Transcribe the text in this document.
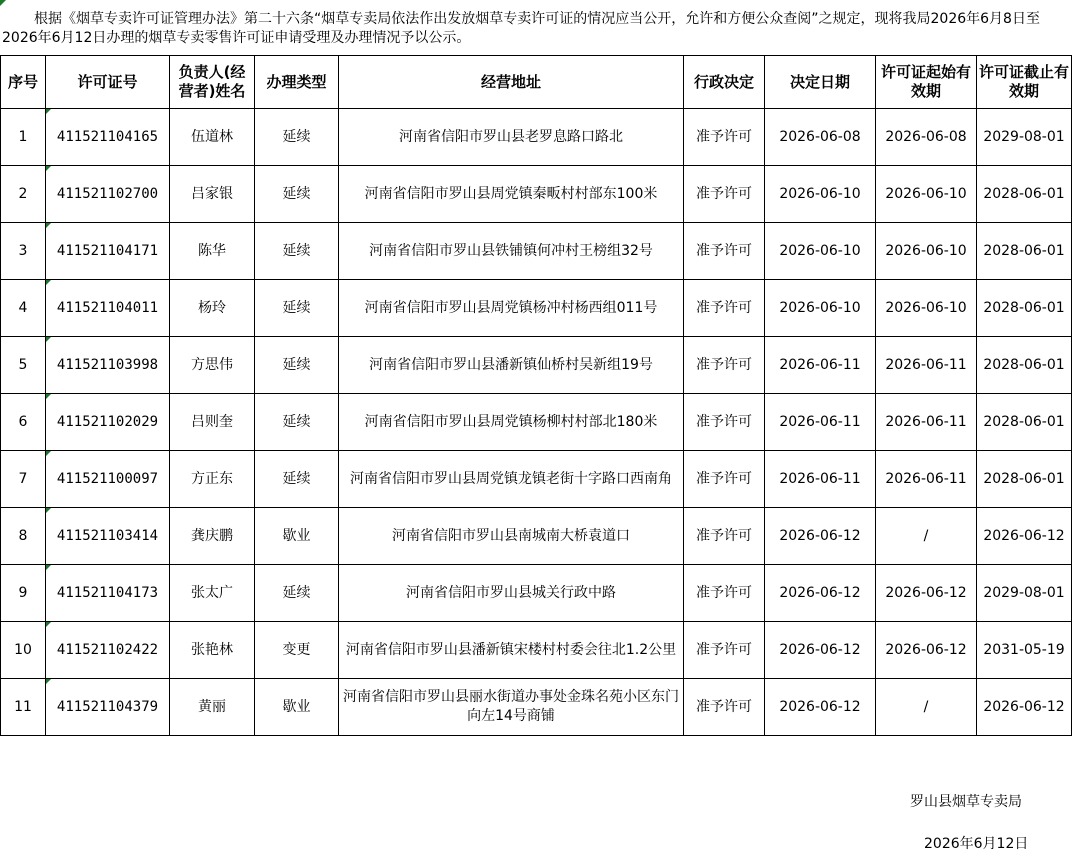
根据《烟草专卖许可证管理办法》第二十六条“烟草专卖局依法作出发放烟草专卖许可证的情况应当公开，允许和方便公众查阅”之规定，现将我局2026年6月8日至2026年6月12日办理的烟草专卖零售许可证申请受理及办理情况予以公示。

序号	许可证号	负责人(经营者)姓名	办理类型	经营地址	行政决定	决定日期	许可证起始有效期	许可证截止有效期
1	411521104165	伍道林	延续	河南省信阳市罗山县老罗息路口路北	准予许可	2026-06-08	2026-06-08	2029-08-01
2	411521102700	吕家银	延续	河南省信阳市罗山县周党镇秦畈村村部东100米	准予许可	2026-06-10	2026-06-10	2028-06-01
3	411521104171	陈华	延续	河南省信阳市罗山县铁铺镇何冲村王榜组32号	准予许可	2026-06-10	2026-06-10	2028-06-01
4	411521104011	杨玲	延续	河南省信阳市罗山县周党镇杨冲村杨西组011号	准予许可	2026-06-10	2026-06-10	2028-06-01
5	411521103998	方思伟	延续	河南省信阳市罗山县潘新镇仙桥村吴新组19号	准予许可	2026-06-11	2026-06-11	2028-06-01
6	411521102029	吕则奎	延续	河南省信阳市罗山县周党镇杨柳村村部北180米	准予许可	2026-06-11	2026-06-11	2028-06-01
7	411521100097	方正东	延续	河南省信阳市罗山县周党镇龙镇老街十字路口西南角	准予许可	2026-06-11	2026-06-11	2028-06-01
8	411521103414	龚庆鹏	歇业	河南省信阳市罗山县南城南大桥袁道口	准予许可	2026-06-12	/	2026-06-12
9	411521104173	张太广	延续	河南省信阳市罗山县城关行政中路	准予许可	2026-06-12	2026-06-12	2029-08-01
10	411521102422	张艳林	变更	河南省信阳市罗山县潘新镇宋楼村村委会往北1.2公里	准予许可	2026-06-12	2026-06-12	2031-05-19
11	411521104379	黄丽	歇业	河南省信阳市罗山县丽水街道办事处金珠名苑小区东门向左14号商铺	准予许可	2026-06-12	/	2026-06-12
罗山县烟草专卖局
2026年6月12日
